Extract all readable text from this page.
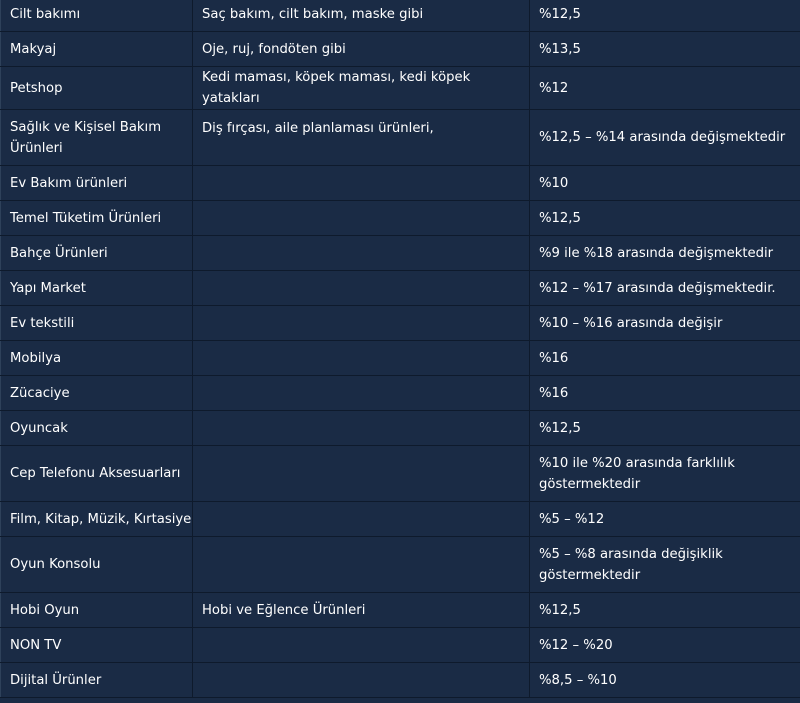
Cilt bakımı	Saç bakım, cilt bakım, maske gibi	%12,5
Makyaj	Oje, ruj, fondöten gibi	%13,5
Petshop	Kedi maması, köpek maması, kedi köpek yatakları	%12
Sağlık ve Kişisel Bakım Ürünleri	Diş fırçası, aile planlaması ürünleri,	%12,5 – %14 arasında değişmektedir
Ev Bakım ürünleri		%10
Temel Tüketim Ürünleri		%12,5
Bahçe Ürünleri		%9 ile %18 arasında değişmektedir
Yapı Market		%12 – %17 arasında değişmektedir.
Ev tekstili		%10 – %16 arasında değişir
Mobilya		%16
Zücaciye		%16
Oyuncak		%12,5
Cep Telefonu Aksesuarları		%10 ile %20 arasında farklılık göstermektedir
Film, Kitap, Müzik, Kırtasiye		%5 – %12
Oyun Konsolu		%5 – %8 arasında değişiklik göstermektedir
Hobi Oyun	Hobi ve Eğlence Ürünleri	%12,5
NON TV		%12 – %20
Dijital Ürünler		%8,5 – %10
